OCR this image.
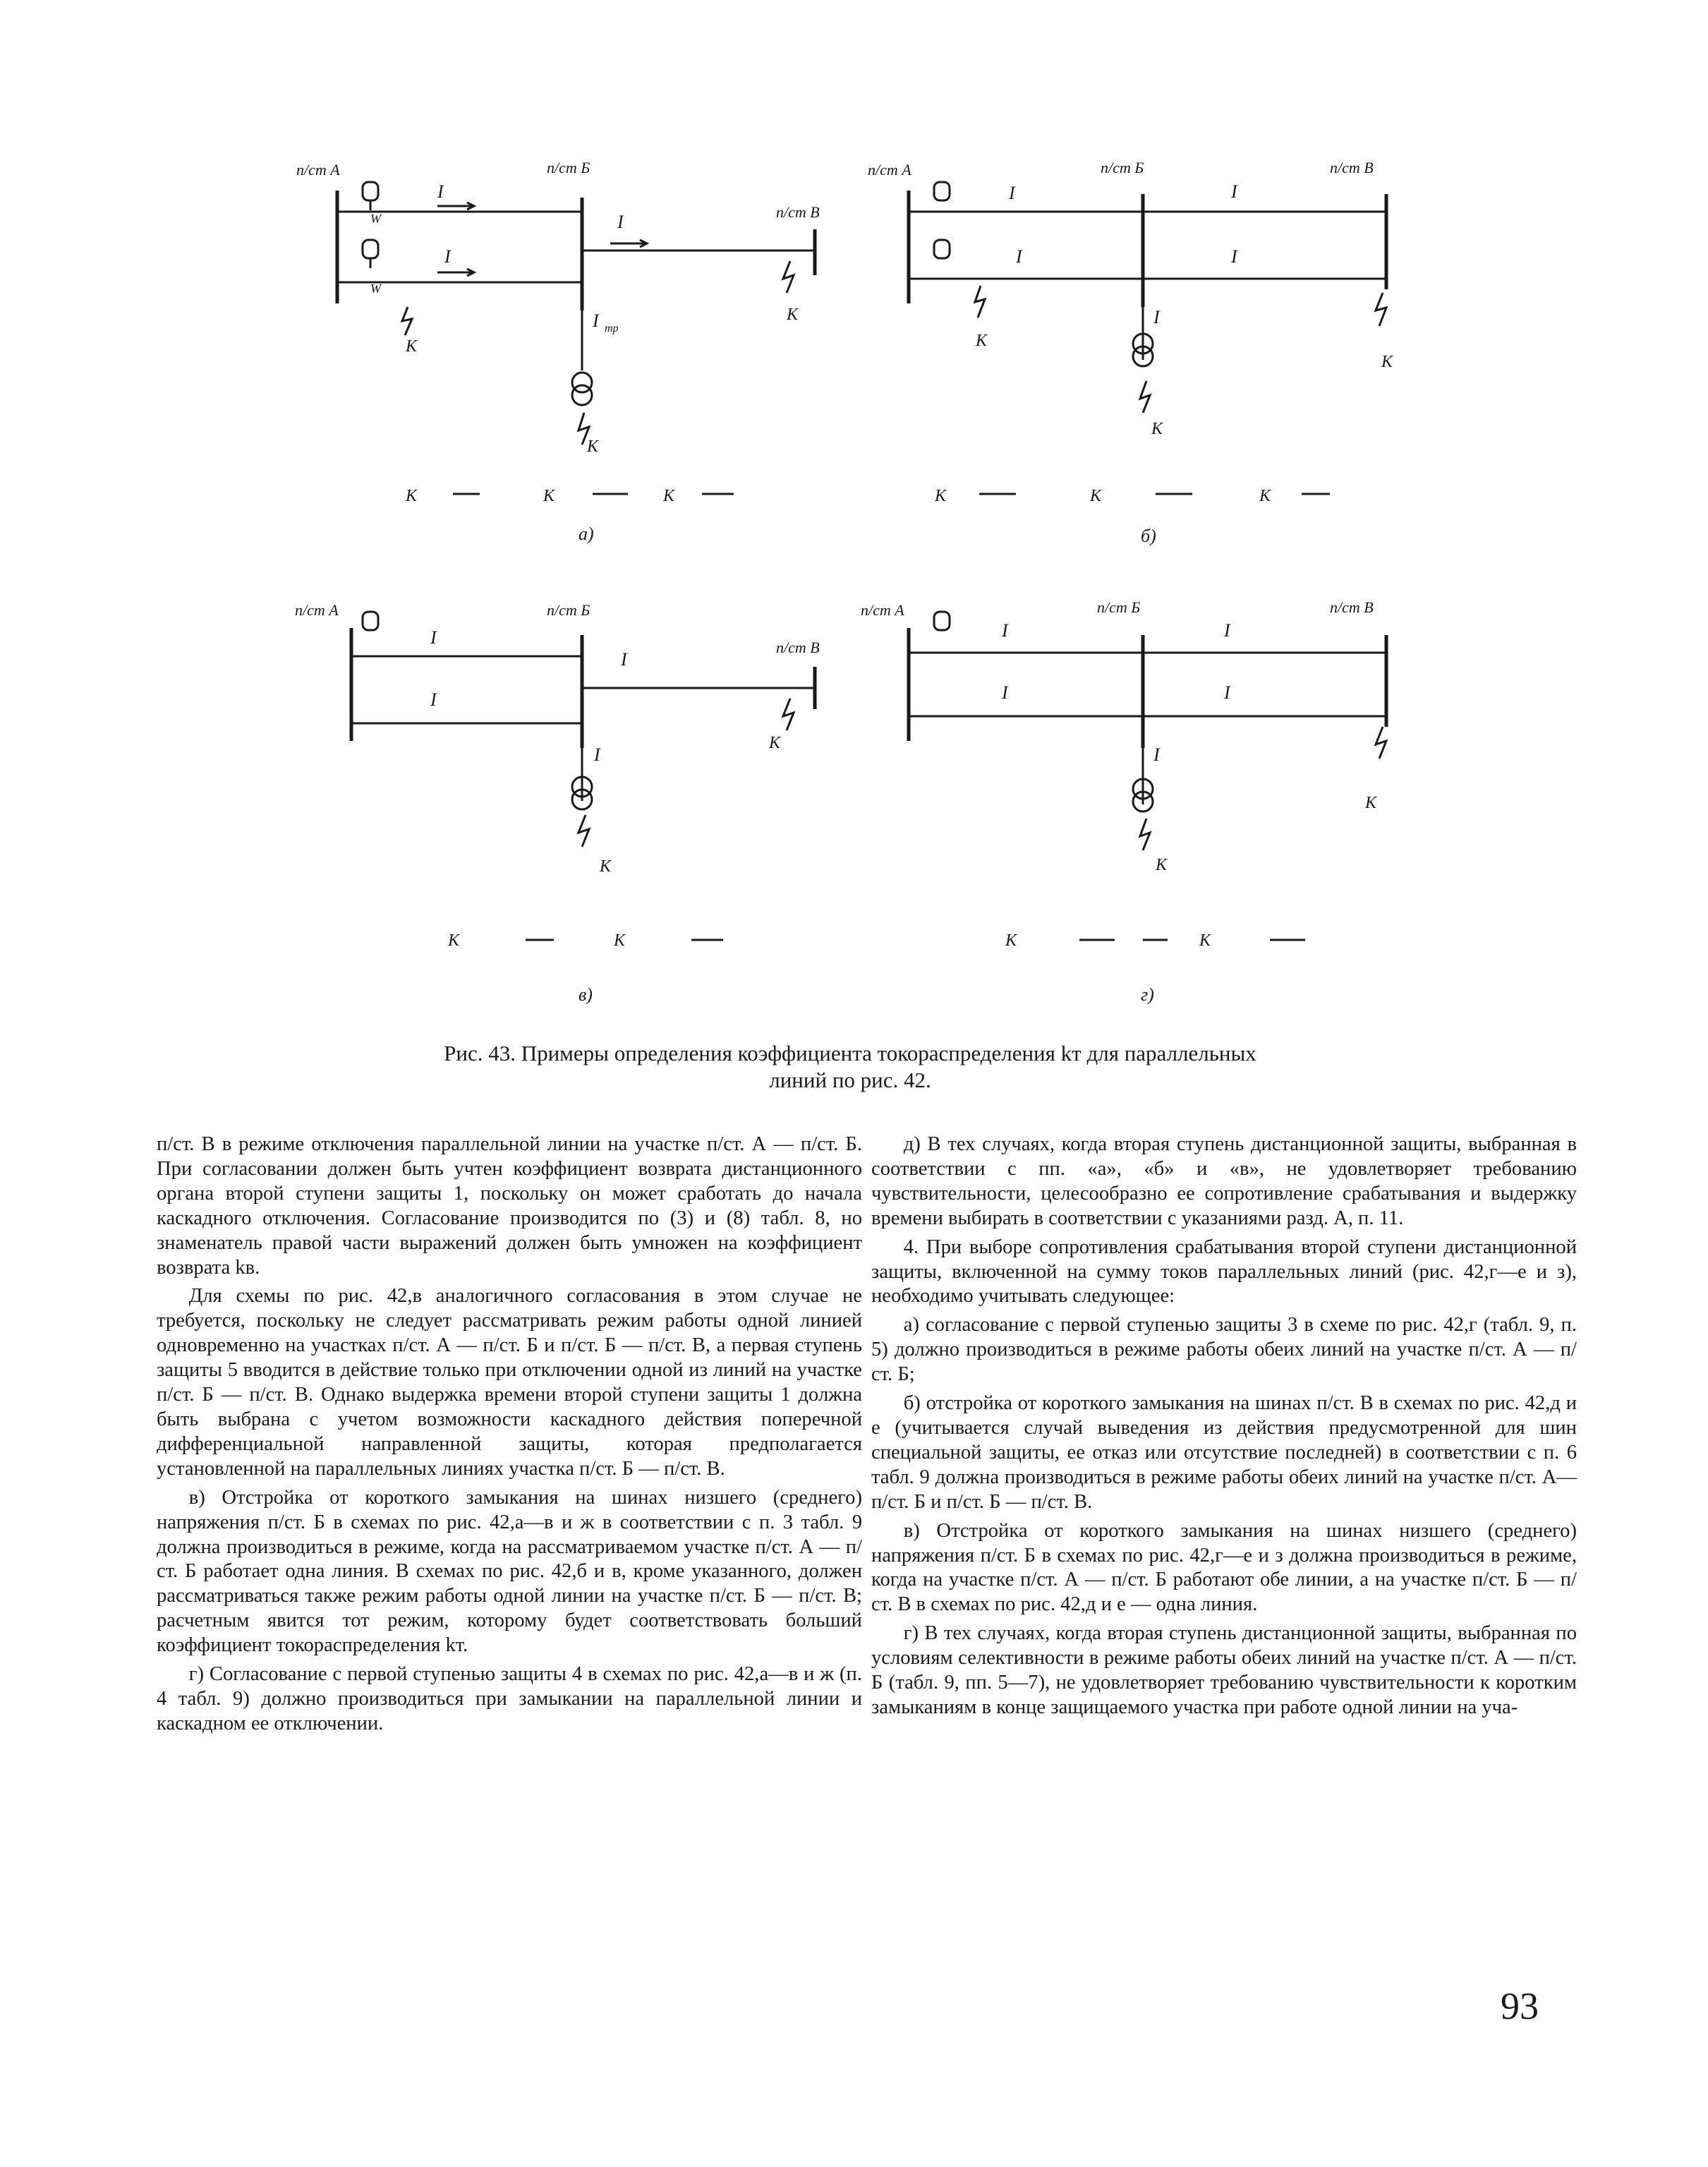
п/ст А	п/ст Б
п/ст В
W
W
I
I
I
I тр
K
K
K
K	K	K
а)
п/ст А	п/ст Б	п/ст В
I
I
I
I
I
K
K
K
K	K	K
б)
п/ст А	п/ст Б
п/ст В
I
I
I
I
K
K
K	K
в)
п/ст А	п/ст Б	п/ст В
I
I
I
I
I
K
K
K	K
г)
Рис. 43. Примеры определения коэффициента токораспределения kт для параллельных
линий по рис. 42.

п/ст. В в режиме отключения параллельной линии на участке п/ст. А — п/ст. Б. При согласовании должен быть учтен коэффициент возврата дистанционного органа второй ступени защиты 1, поскольку он может сработать до начала каскадного отключения. Согласование производится по (3) и (8) табл. 8, но знаменатель правой части выражений должен быть умножен на коэффициент возврата kв.

Для схемы по рис. 42,в аналогичного согласования в этом случае не требуется, поскольку не следует рассматривать режим работы одной линией одновременно на участках п/ст. А — п/ст. Б и п/ст. Б — п/ст. В, а первая ступень защиты 5 вводится в действие только при отключении одной из линий на участке п/ст. Б — п/ст. В. Однако выдержка времени второй ступени защиты 1 должна быть выбрана с учетом возможности каскадного действия поперечной дифференциальной направленной защиты, которая предполагается установленной на параллельных линиях участка п/ст. Б — п/ст. В.

в) Отстройка от короткого замыкания на шинах низшего (среднего) напряжения п/ст. Б в схемах по рис. 42,а—в и ж в соответствии с п. 3 табл. 9 должна производиться в режиме, когда на рассматриваемом участке п/ст. А — п/ст. Б работает одна линия. В схемах по рис. 42,б и в, кроме указанного, должен рассматриваться также режим работы одной линии на участке п/ст. Б — п/ст. В; расчетным явится тот режим, которому будет соответствовать больший коэффициент токораспределения kт.

г) Согласование с первой ступенью защиты 4 в схемах по рис. 42,а—в и ж (п. 4 табл. 9) должно производиться при замыкании на параллельной линии и каскадном ее отключении.

д) В тех случаях, когда вторая ступень дистанционной защиты, выбранная в соответствии с пп. «а», «б» и «в», не удовлетворяет требованию чувствительности, целесообразно ее сопротивление срабатывания и выдержку времени выбирать в соответствии с указаниями разд. А, п. 11.

4. При выборе сопротивления срабатывания второй ступени дистанционной защиты, включенной на сумму токов параллельных линий (рис. 42,г—е и з), необходимо учитывать следующее:

а) согласование с первой ступенью защиты 3 в схеме по рис. 42,г (табл. 9, п. 5) должно производиться в режиме работы обеих линий на участке п/ст. А — п/ст. Б;

б) отстройка от короткого замыкания на шинах п/ст. В в схемах по рис. 42,д и е (учитывается случай выведения из действия предусмотренной для шин специальной защиты, ее отказ или отсутствие последней) в соответствии с п. 6 табл. 9 должна производиться в режиме работы обеих линий на участке п/ст. А—п/ст. Б и п/ст. Б — п/ст. В.

в) Отстройка от короткого замыкания на шинах низшего (среднего) напряжения п/ст. Б в схемах по рис. 42,г—е и з должна производиться в режиме, когда на участке п/ст. А — п/ст. Б работают обе линии, а на участке п/ст. Б — п/ст. В в схемах по рис. 42,д и е — одна линия.

г) В тех случаях, когда вторая ступень дистанционной защиты, выбранная по условиям селективности в режиме работы обеих линий на участке п/ст. А — п/ст. Б (табл. 9, пп. 5—7), не удовлетворяет требованию чувствительности к коротким замыканиям в конце защищаемого участка при работе одной линии на уча-

93
